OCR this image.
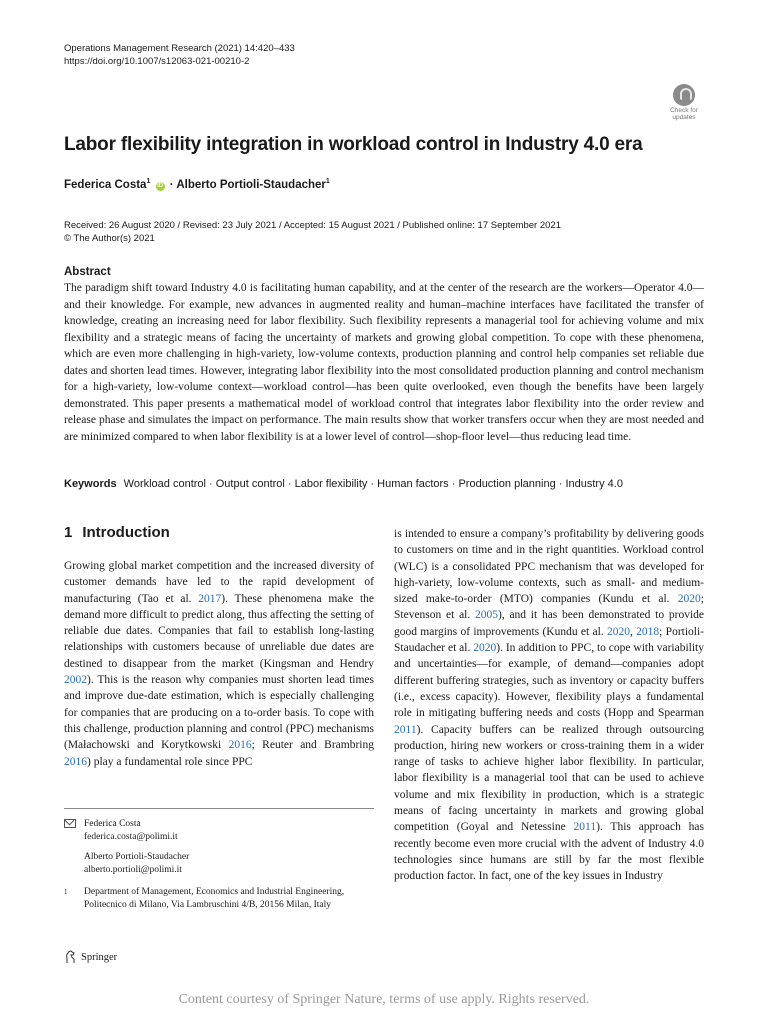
Operations Management Research (2021) 14:420–433
https://doi.org/10.1007/s12063-021-00210-2
Check for
updates
Labor flexibility integration in workload control in Industry 4.0 era
Federica Costa$^1$ iD · Alberto Portioli-Staudacher$^1$
Received: 26 August 2020 / Revised: 23 July 2021 / Accepted: 15 August 2021 / Published online: 17 September 2021
© The Author(s) 2021
Abstract

The paradigm shift toward Industry 4.0 is facilitating human capability, and at the center of the research are the workers—Operator 4.0—and their knowledge. For example, new advances in augmented reality and human–machine interfaces have facilitated the transfer of knowledge, creating an increasing need for labor flexibility. Such flexibility represents a managerial tool for achieving volume and mix flexibility and a strategic means of facing the uncertainty of markets and growing global competition. To cope with these phenomena, which are even more challenging in high-variety, low-volume contexts, production planning and control help companies set reliable due dates and shorten lead times. However, integrating labor flexibility into the most consolidated production planning and control mechanism for a high-variety, low-volume context—workload control—has been quite overlooked, even though the benefits have been largely demonstrated. This paper presents a mathematical model of workload control that integrates labor flexibility into the order review and release phase and simulates the impact on performance. The main results show that worker transfers occur when they are most needed and are minimized compared to when labor flexibility is at a lower level of control—shop-floor level—thus reducing lead time.

Keywords Workload control · Output control · Labor flexibility · Human factors · Production planning · Industry 4.0
1 Introduction

Growing global market competition and the increased diversity of customer demands have led to the rapid development of manufacturing (Tao et al. 2017). These phenomena make the demand more difficult to predict along, thus affecting the setting of reliable due dates. Companies that fail to establish long-lasting relationships with customers because of unreliable due dates are destined to disappear from the market (Kingsman and Hendry 2002). This is the reason why companies must shorten lead times and improve due-date estimation, which is especially challenging for companies that are producing on a to-order basis. To cope with this challenge, production planning and control (PPC) mechanisms (Małachowski and Korytkowski 2016; Reuter and Brambring 2016) play a fundamental role since PPC

is intended to ensure a company’s profitability by delivering goods to customers on time and in the right quantities. Workload control (WLC) is a consolidated PPC mechanism that was developed for high-variety, low-volume contexts, such as small- and medium-sized make-to-order (MTO) companies (Kundu et al. 2020; Stevenson et al. 2005), and it has been demonstrated to provide good margins of improvements (Kundu et al. 2020, 2018; Portioli-Staudacher et al. 2020). In addition to PPC, to cope with variability and uncertainties—for example, of demand—companies adopt different buffering strategies, such as inventory or capacity buffers (i.e., excess capacity). However, flexibility plays a fundamental role in mitigating buffering needs and costs (Hopp and Spearman 2011). Capacity buffers can be realized through outsourcing production, hiring new workers or cross-training them in a wider range of tasks to achieve higher labor flexibility. In particular, labor flexibility is a managerial tool that can be used to achieve volume and mix flexibility in production, which is a strategic means of facing uncertainty in markets and growing global competition (Goyal and Netessine 2011). This approach has recently become even more crucial with the advent of Industry 4.0 technologies since humans are still by far the most flexible production factor. In fact, one of the key issues in Industry

Federica Costa
federica.costa@polimi.it
Alberto Portioli-Staudacher
alberto.portioli@polimi.it
$^1$	Department of Management, Economics and Industrial Engineering, Politecnico di Milano, Via Lambruschini 4/B, 20156 Milan, Italy
Springer
Content courtesy of Springer Nature, terms of use apply. Rights reserved.
